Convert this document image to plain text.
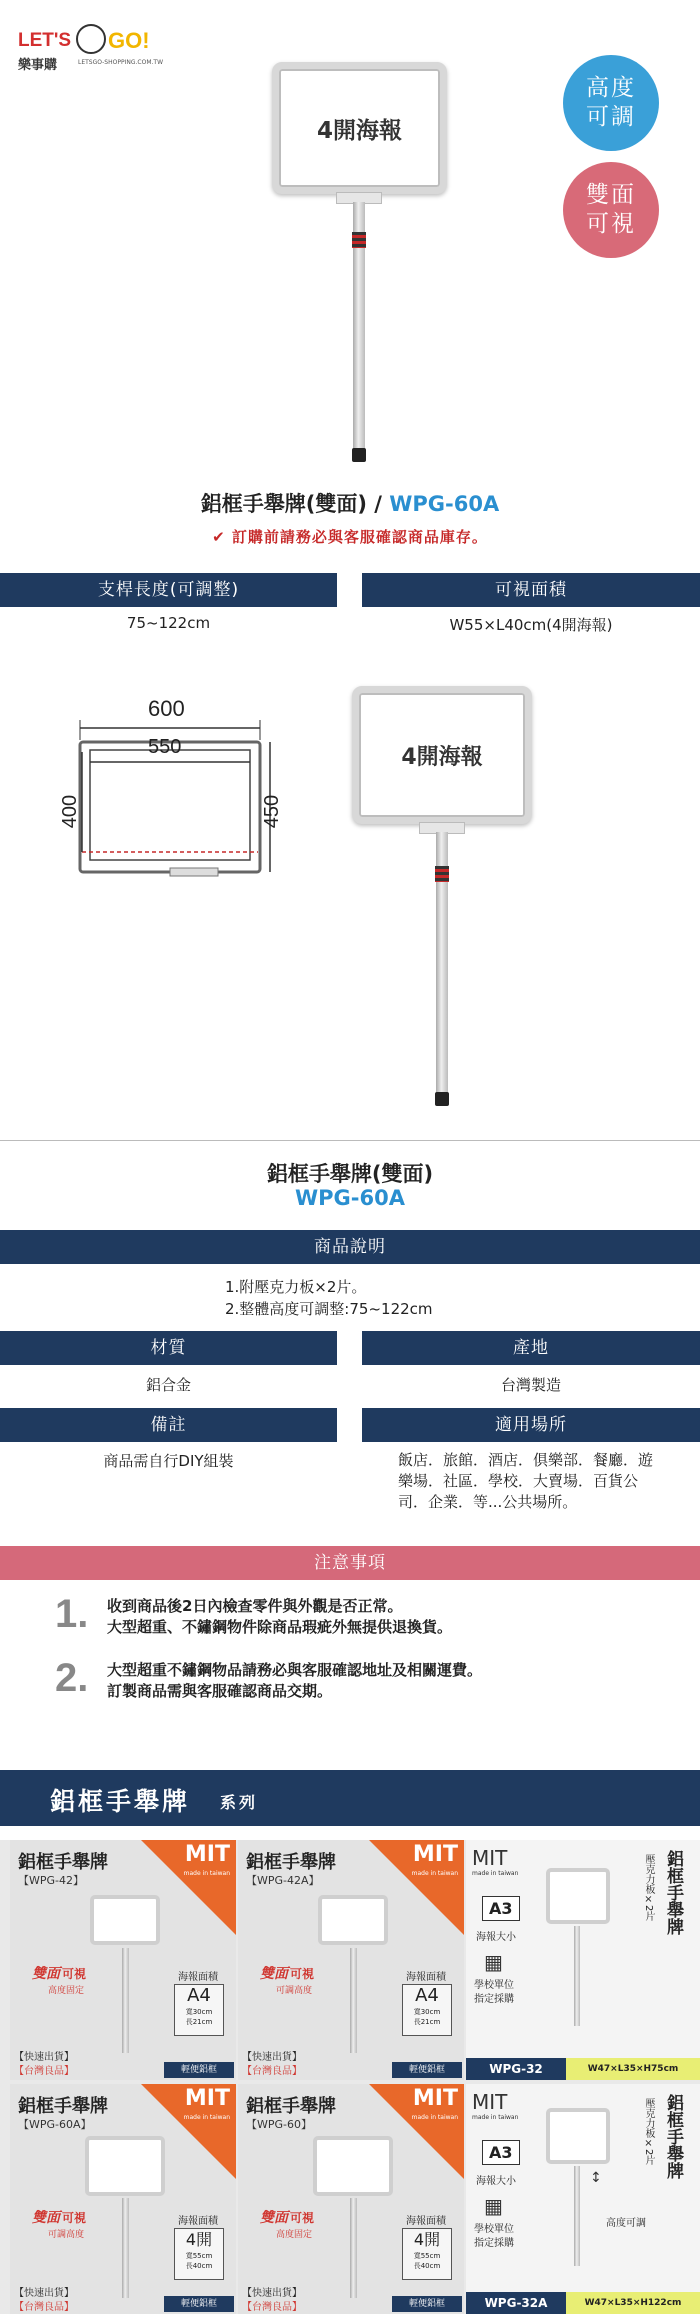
LET'S GO!
樂事購	LETSGO-SHOPPING.COM.TW
4開海報
高度
可調
雙面
可視
鋁框手舉牌(雙面) / WPG-60A
✔ 訂購前請務必與客服確認商品庫存。
支桿長度(可調整)	可視面積
75~122cm	W55×L40cm(4開海報)
600
550
400	450
4開海報
鋁框手舉牌(雙面)
WPG-60A
商品說明
1.附壓克力板×2片。
2.整體高度可調整:75~122cm
材質	產地
鋁合金	台灣製造
備註	適用場所
商品需自行DIY組裝	飯店．旅館．酒店．俱樂部．餐廳．遊樂場．社區．學校．大賣場．百貨公司．企業．等...公共場所。
注意事項
1. 收到商品後2日內檢查零件與外觀是否正常。
大型超重、不鏽鋼物件除商品瑕疵外無提供退換貨。
2. 大型超重不鏽鋼物品請務必與客服確認地址及相關運費。
訂製商品需與客服確認商品交期。
鋁框手舉牌 系列
MIT
made in taiwan
鋁框手舉牌
【WPG-42】
雙面 可視
高度固定
海報面積
A4
寬30cm
長21cm
【快速出貨】
【台灣良品】	輕便鋁框
MIT
made in taiwan
鋁框手舉牌
【WPG-42A】
雙面 可視
可調高度
海報面積
A4
寬30cm
長21cm
【快速出貨】
【台灣良品】	輕便鋁框
MIT
made in taiwan
鋁框手舉牌
【WPG-60A】
雙面 可視
可調高度
海報面積
4開
寬55cm
長40cm
【快速出貨】
【台灣良品】	輕便鋁框
MIT
made in taiwan
鋁框手舉牌
【WPG-60】
雙面 可視
高度固定
海報面積
4開
寬55cm
長40cm
【快速出貨】
【台灣良品】	輕便鋁框
MIT
made in taiwan
A3
海報大小
▦
學校單位
指定採購
鋁框手舉牌
壓克力板×2片
WPG-32	W47×L35×H75cm
MIT
made in taiwan
A3
海報大小
▦
學校單位
指定採購
↕
高度可調
鋁框手舉牌
壓克力板×2片
WPG-32A	W47×L35×H122cm
